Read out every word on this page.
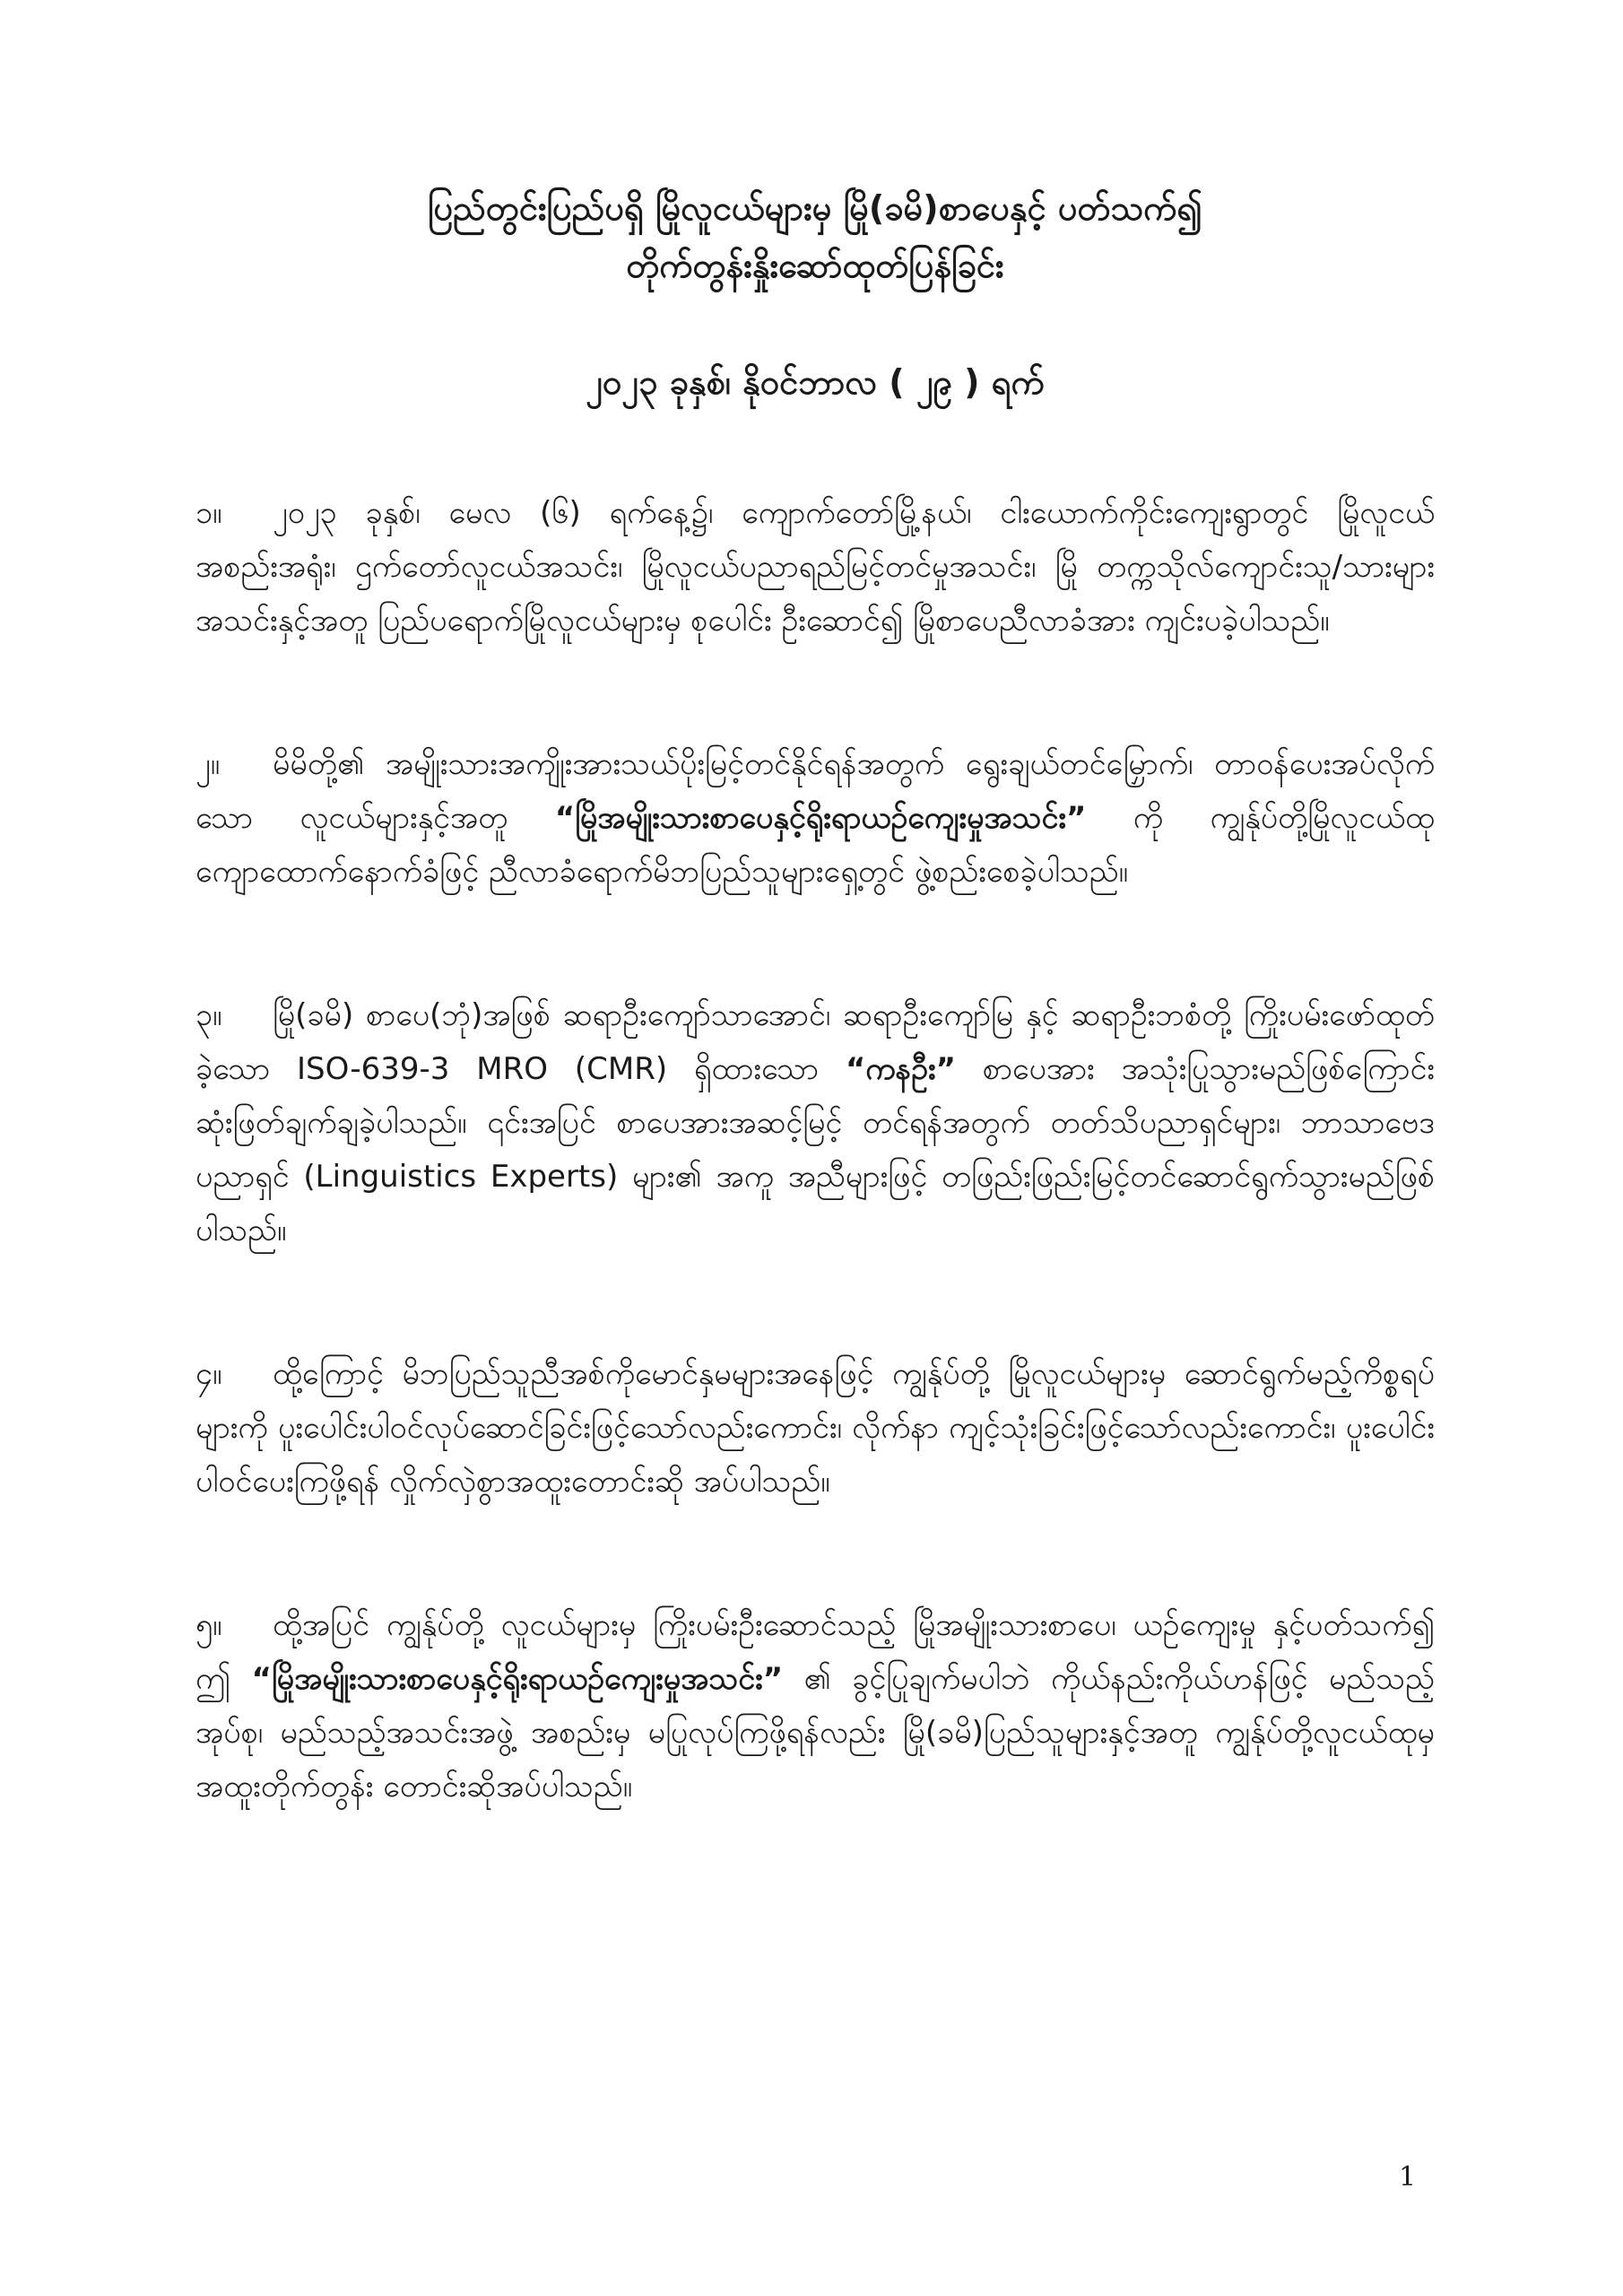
ပြည်တွင်းပြည်ပရှိ မြိုလူငယ်များမှ မြို(ခမိ)စာပေနှင့် ပတ်သက်၍
တိုက်တွန်းနှိုးဆော်ထုတ်ပြန်ခြင်း

၂၀၂၃ ခုနှစ်၊ နိုဝင်ဘာလ ( ၂၉ ) ရက်

၁။ ၂၀၂၃ ခုနှစ်၊ မေလ (၆) ရက်နေ့၌၊ ကျောက်တော်မြို့နယ်၊ ငါးယောက်ကိုင်းကျေးရွာတွင် မြိုလူငယ်အစည်းအရုံး၊ ဌက်တော်လူငယ်အသင်း၊ မြိုလူငယ်ပညာရည်မြင့်တင်မှုအသင်း၊ မြို တက္ကသိုလ်ကျောင်းသူ/သားများအသင်းနှင့်အတူ ပြည်ပရောက်မြိုလူငယ်များမှ စုပေါင်း ဦးဆောင်၍ မြိုစာပေညီလာခံအား ကျင်းပခဲ့ပါသည်။

၂။ မိမိတို့၏ အမျိုးသားအကျိုးအားသယ်ပိုးမြင့်တင်နိုင်ရန်အတွက် ရွေးချယ်တင်မြှောက်၊ တာဝန်ပေးအပ်လိုက်သော လူငယ်များနှင့်အတူ “မြိုအမျိုးသားစာပေနှင့်ရိုးရာယဉ်ကျေးမှုအသင်း” ကို ကျွန်ုပ်တို့မြိုလူငယ်ထု ကျောထောက်နောက်ခံဖြင့် ညီလာခံရောက်မိဘပြည်သူများရှေ့တွင် ဖွဲ့စည်းစေခဲ့ပါသည်။

၃။ မြို(ခမိ) စာပေ(ဘုံ)အဖြစ် ဆရာဦးကျော်သာအောင်၊ ဆရာဦးကျော်မြ နှင့် ဆရာဦးဘစံတို့ ကြိုးပမ်းဖော်ထုတ်ခဲ့သော ISO-639-3 MRO (CMR) ရှိထားသော “ကနဦး” စာပေအား အသုံးပြုသွားမည်ဖြစ်ကြောင်း ဆုံးဖြတ်ချက်ချခဲ့ပါသည်။ ၎င်းအပြင် စာပေအားအဆင့်မြင့် တင်ရန်အတွက် တတ်သိပညာရှင်များ၊ ဘာသာဗေဒပညာရှင် (Linguistics Experts) များ၏ အကူ အညီများဖြင့် တဖြည်းဖြည်းမြင့်တင်ဆောင်ရွက်သွားမည်ဖြစ်ပါသည်။

၄။ ထို့ကြောင့် မိဘပြည်သူညီအစ်ကိုမောင်နှမများအနေဖြင့် ကျွန်ုပ်တို့ မြိုလူငယ်များမှ ဆောင်ရွက်မည့်ကိစ္စရပ်များကို ပူးပေါင်းပါဝင်လုပ်ဆောင်ခြင်းဖြင့်သော်လည်းကောင်း၊ လိုက်နာ ကျင့်သုံးခြင်းဖြင့်သော်လည်းကောင်း၊ ပူးပေါင်းပါဝင်ပေးကြဖို့ရန် လှိုက်လှဲစွာအထူးတောင်းဆို အပ်ပါသည်။

၅။ ထို့အပြင် ကျွန်ုပ်တို့ လူငယ်များမှ ကြိုးပမ်းဦးဆောင်သည့် မြိုအမျိုးသားစာပေ၊ ယဉ်ကျေးမှု နှင့်ပတ်သက်၍ ဤ “မြိုအမျိုးသားစာပေနှင့်ရိုးရာယဉ်ကျေးမှုအသင်း” ၏ ခွင့်ပြုချက်မပါဘဲ ကိုယ်နည်းကိုယ်ဟန်ဖြင့် မည်သည့်အုပ်စု၊ မည်သည့်အသင်းအဖွဲ့ အစည်းမှ မပြုလုပ်ကြဖို့ရန်လည်း မြို(ခမိ)ပြည်သူများနှင့်အတူ ကျွန်ုပ်တို့လူငယ်ထုမှ အထူးတိုက်တွန်း တောင်းဆိုအပ်ပါသည်။

1
